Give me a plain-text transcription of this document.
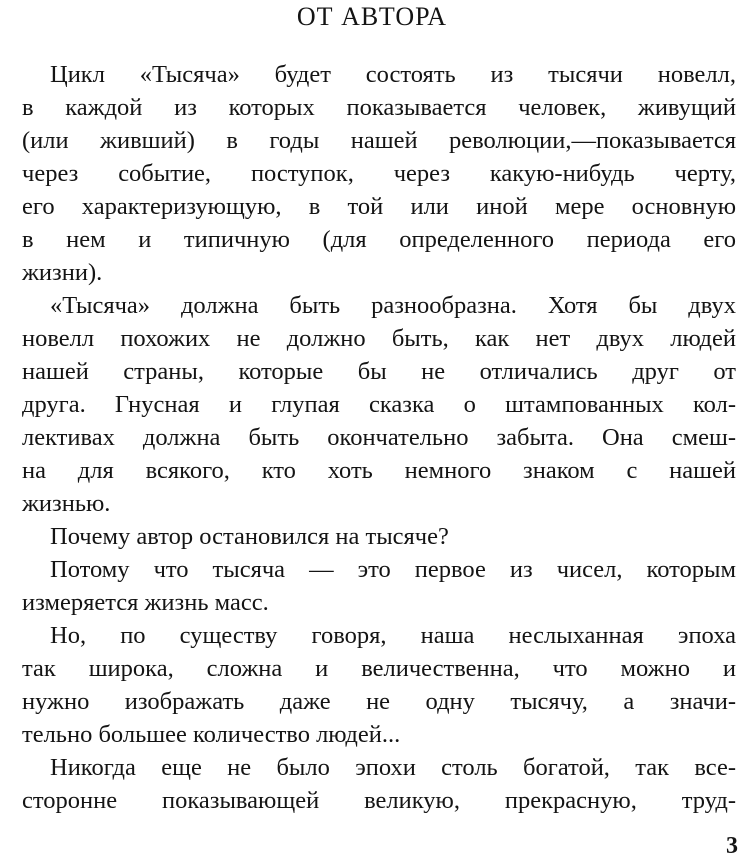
ОТ АВТОРА
Цикл «Тысяча» будет состоять из тысячи новелл,
в каждой из которых показывается человек, живущий
(или живший) в годы нашей революции,—показывается
через событие, поступок, через какую-нибудь черту,
его характеризующую, в той или иной мере основную
в нем и типичную (для определенного периода его
жизни).
«Тысяча» должна быть разнообразна. Хотя бы двух
новелл похожих не должно быть, как нет двух людей
нашей страны, которые бы не отличались друг от
друга. Гнусная и глупая сказка о штампованных кол-
лективах должна быть окончательно забыта. Она смеш-
на для всякого, кто хоть немного знаком с нашей
жизнью.
Почему автор остановился на тысяче?
Потому что тысяча — это первое из чисел, которым
измеряется жизнь масс.
Но, по существу говоря, наша неслыханная эпоха
так широка, сложна и величественна, что можно и
нужно изображать даже не одну тысячу, а значи-
тельно большее количество людей...
Никогда еще не было эпохи столь богатой, так все-
сторонне показывающей великую, прекрасную, труд-
3
